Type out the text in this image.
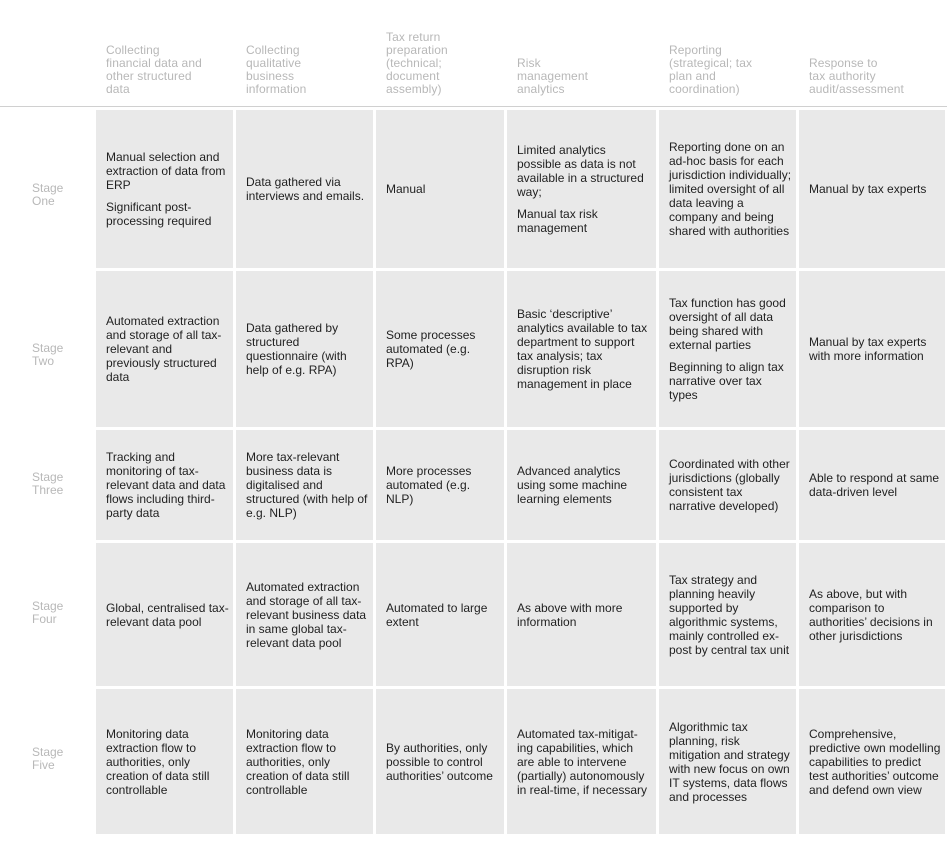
Collecting
financial data and
other structured
data
Collecting
qualitative
business
information
Tax return
preparation
(technical;
document
assembly)
Risk
management
analytics
Reporting
(strategical; tax
plan and
coordination)
Response to
tax authority
audit/assessment
Stage
One

Manual selection and extraction of data from ERP

Significant post-processing required

Data gathered via interviews and emails.	Manual

Limited analytics possible as data is not available in a structured way;

Manual tax risk management

Reporting done on an ad-hoc basis for each jurisdiction individually; limited oversight of all data leaving a company and being shared with authorities

Manual by tax experts

Stage
Two

Automated extraction and storage of all tax-relevant and previously structured data

Data gathered by structured questionnaire (with help of e.g. RPA)

Some processes automated (e.g. RPA)

Basic ‘descriptive’ analytics available to tax department to support tax analysis; tax disruption risk management in place

Tax function has good oversight of all data being shared with external parties

Beginning to align tax narrative over tax types

Manual by tax experts with more information

Stage
Three

Tracking and monitoring of tax-relevant data and data flows including third-party data

More tax-relevant business data is digitalised and structured (with help of e.g. NLP)

More processes automated (e.g. NLP)

Advanced analytics using some machine learning elements

Coordinated with other jurisdictions (globally consistent tax narrative developed)

Able to respond at same data-driven level

Stage
Four

Global, centralised tax-relevant data pool

Automated extraction and storage of all tax-relevant business data in same global tax-relevant data pool

Automated to large extent

As above with more information

Tax strategy and planning heavily supported by algorithmic systems, mainly controlled ex-post by central tax unit

As above, but with comparison to authorities’ decisions in other jurisdictions

Stage
Five

Monitoring data extraction flow to authorities, only creation of data still controllable

Monitoring data extraction flow to authorities, only creation of data still controllable

By authorities, only possible to control authorities’ outcome

Automated tax-mitigat-ing capabilities, which are able to intervene (partially) autonomously in real-time, if necessary

Algorithmic tax planning, risk mitigation and strategy with new focus on own IT systems, data flows and processes

Comprehensive, predictive own modelling capabilities to predict test authorities’ outcome and defend own view
